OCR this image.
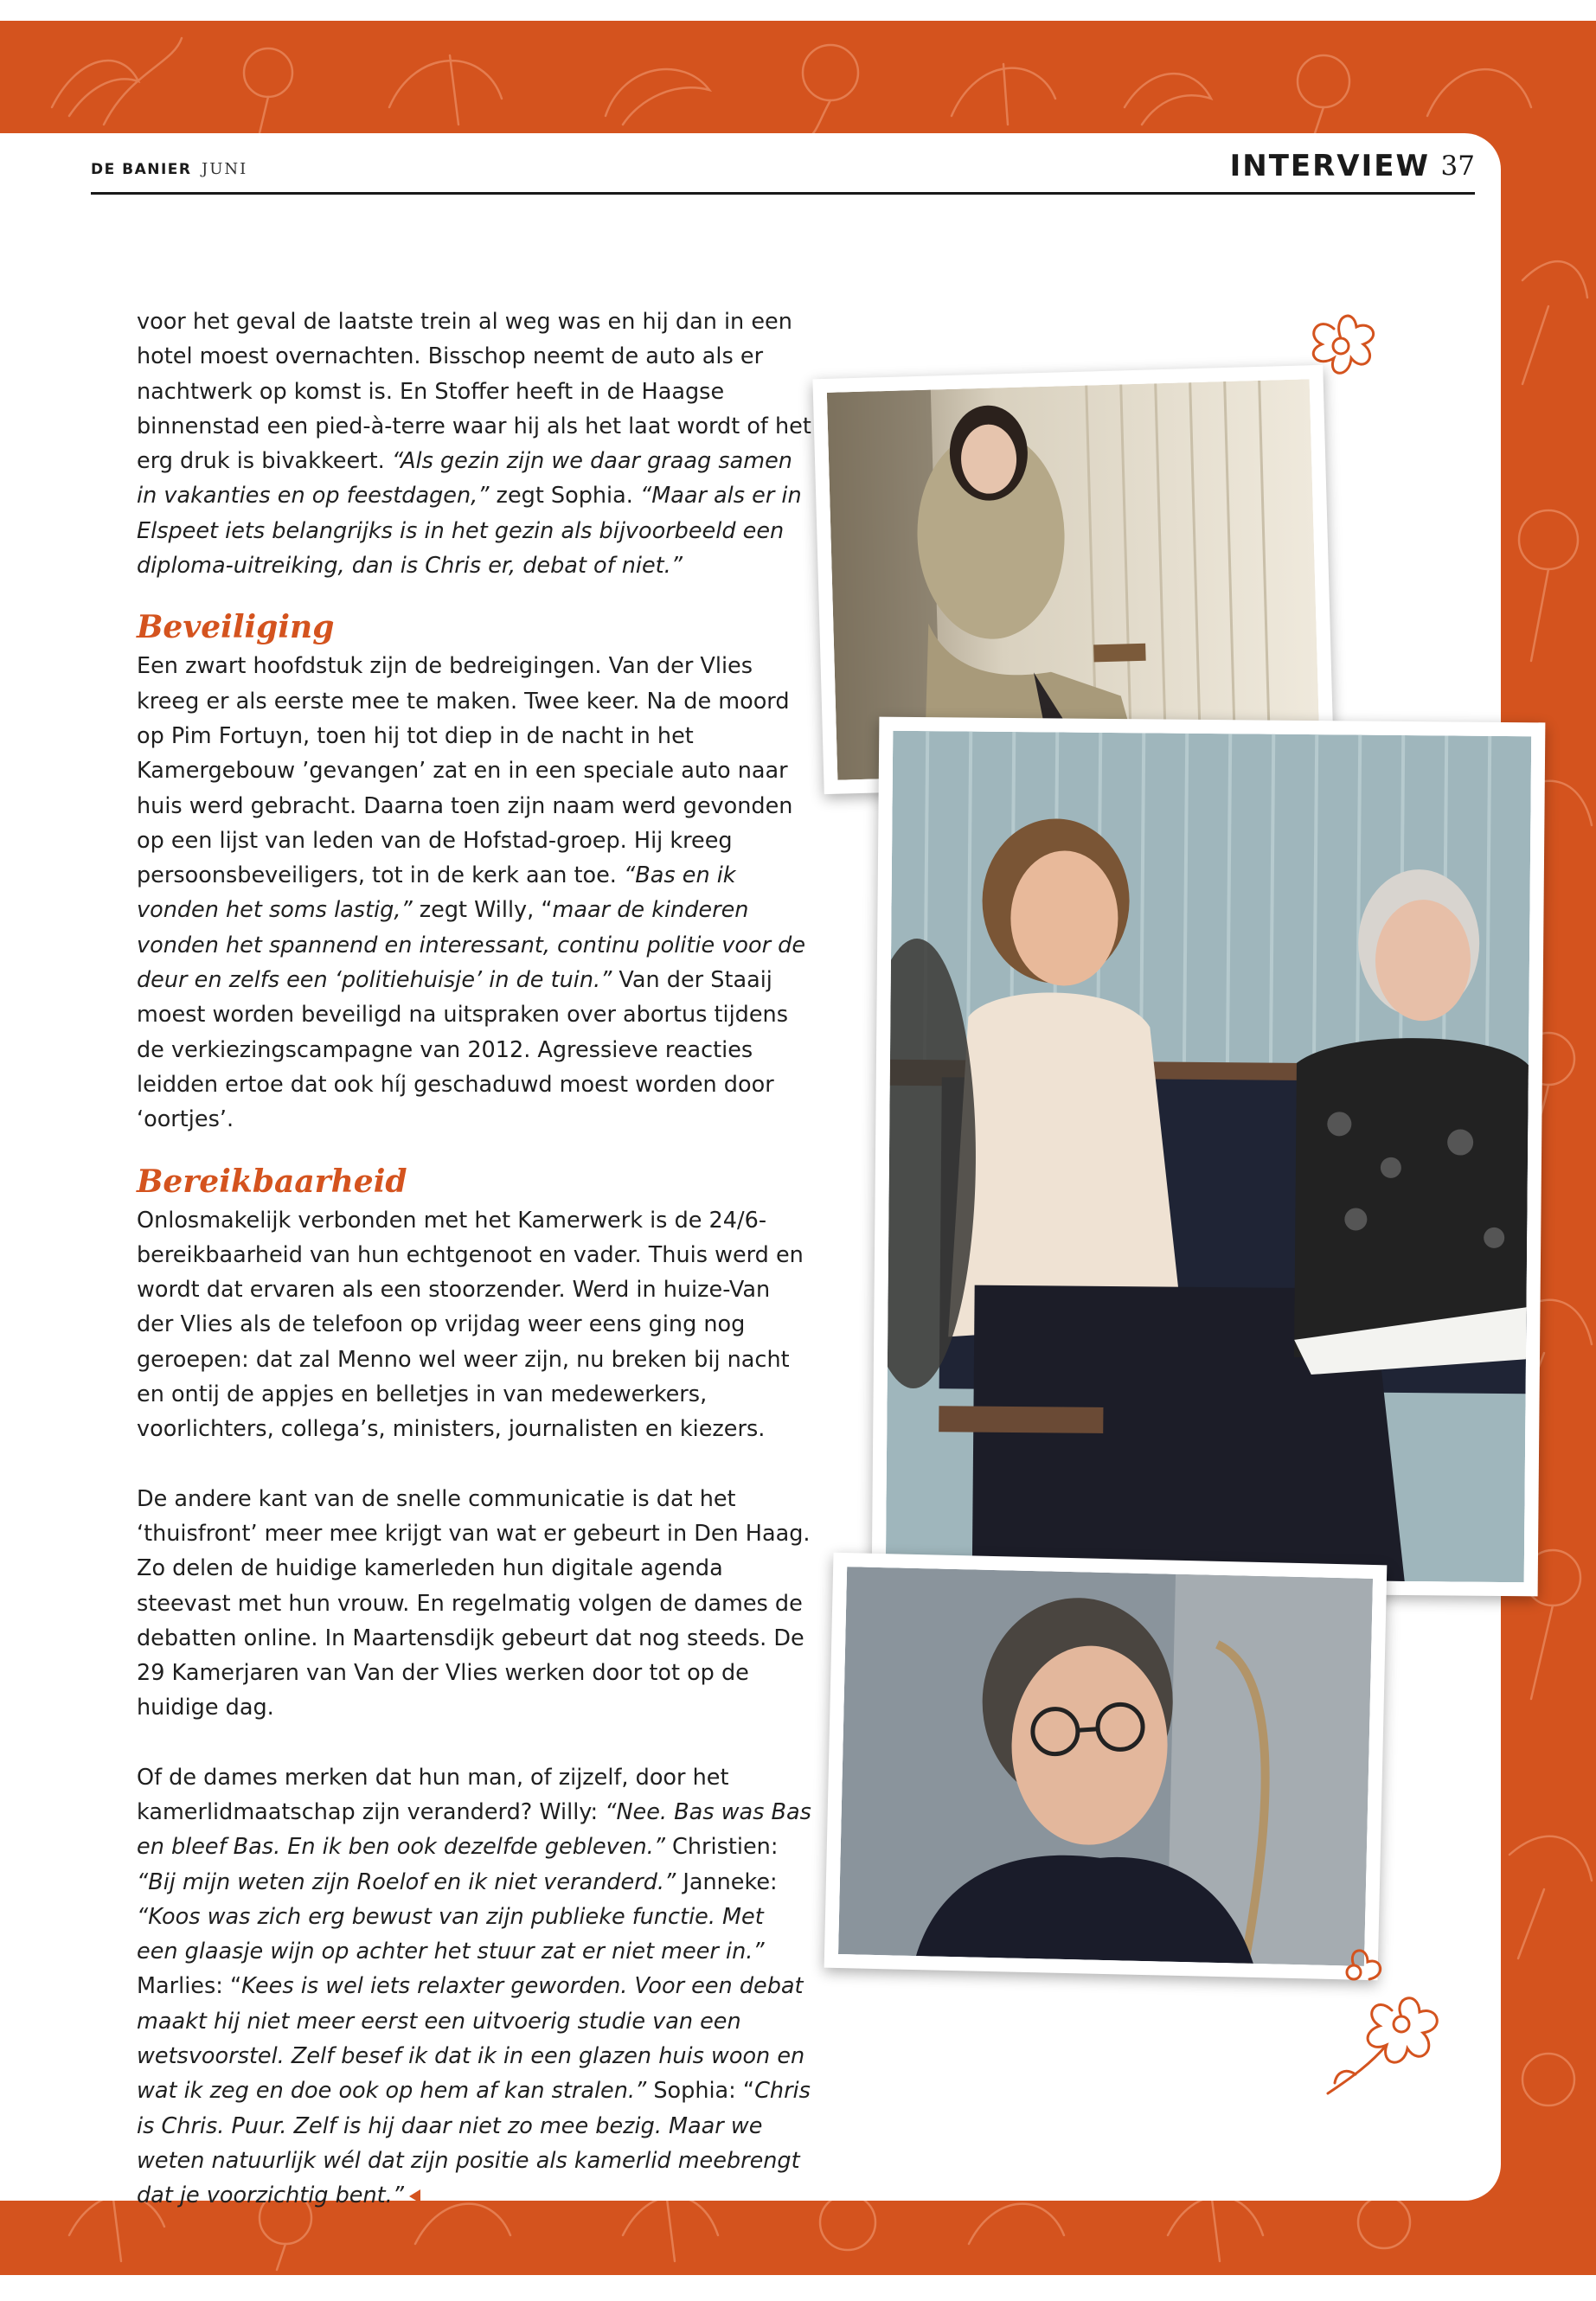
DE BANIER JUNI	INTERVIEW 37

voor het geval de laatste trein al weg was en hij dan in een hotel moest overnachten. Bisschop neemt de auto als er nachtwerk op komst is. En Stoffer heeft in de Haagse binnenstad een pied-à-terre waar hij als het laat wordt of het erg druk is bivakkeert. “Als gezin zijn we daar graag samen in vakanties en op feestdagen,” zegt Sophia. “Maar als er in Elspeet iets belangrijks is in het gezin als bijvoorbeeld een diploma-uitreiking, dan is Chris er, debat of niet.”

Beveiliging

Een zwart hoofdstuk zijn de bedreigingen. Van der Vlies kreeg er als eerste mee te maken. Twee keer. Na de moord op Pim Fortuyn, toen hij tot diep in de nacht in het Kamergebouw ’gevangen’ zat en in een speciale auto naar huis werd gebracht. Daarna toen zijn naam werd gevonden op een lijst van leden van de Hofstad-groep. Hij kreeg persoonsbeveiligers, tot in de kerk aan toe. “Bas en ik vonden het soms lastig,” zegt Willy, “maar de kinderen vonden het spannend en interessant, continu politie voor de deur en zelfs een ‘politiehuisje’ in de tuin.” Van der Staaij moest worden beveiligd na uitspraken over abortus tijdens de verkiezingscampagne van 2012. Agressieve reacties leidden ertoe dat ook híj geschaduwd moest worden door ‘oortjes’.

Bereikbaarheid

Onlosmakelijk verbonden met het Kamerwerk is de 24/6-bereikbaarheid van hun echtgenoot en vader. Thuis werd en wordt dat ervaren als een stoorzender. Werd in huize-Van der Vlies als de telefoon op vrijdag weer eens ging nog geroepen: dat zal Menno wel weer zijn, nu breken bij nacht en ontij de appjes en belletjes in van medewerkers, voorlichters, collega’s, ministers, journalisten en kiezers.

De andere kant van de snelle communicatie is dat het ‘thuisfront’ meer mee krijgt van wat er gebeurt in Den Haag. Zo delen de huidige kamerleden hun digitale agenda steevast met hun vrouw. En regelmatig volgen de dames de debatten online. In Maartensdijk gebeurt dat nog steeds. De 29 Kamerjaren van Van der Vlies werken door tot op de huidige dag.

Of de dames merken dat hun man, of zijzelf, door het kamerlidmaatschap zijn veranderd? Willy: “Nee. Bas was Bas en bleef Bas. En ik ben ook dezelfde gebleven.” Christien: “Bij mijn weten zijn Roelof en ik niet veranderd.” Janneke: “Koos was zich erg bewust van zijn publieke functie. Met een glaasje wijn op achter het stuur zat er niet meer in.” Marlies: “Kees is wel iets relaxter geworden. Voor een debat maakt hij niet meer eerst een uitvoerig studie van een wetsvoorstel. Zelf besef ik dat ik in een glazen huis woon en wat ik zeg en doe ook op hem af kan stralen.” Sophia: “Chris is Chris. Puur. Zelf is hij daar niet zo mee bezig. Maar we weten natuurlijk wél dat zijn positie als kamerlid meebrengt dat je voorzichtig bent.”
